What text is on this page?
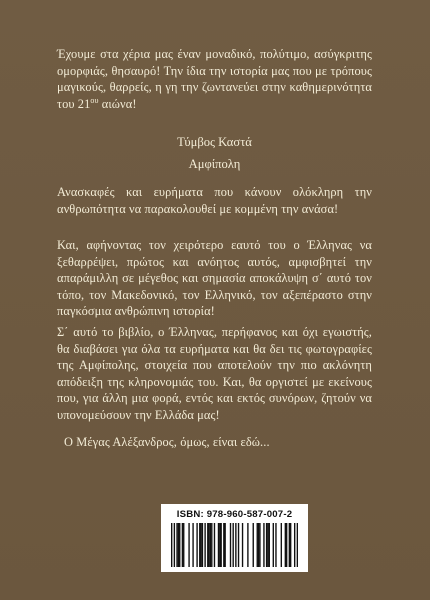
Έχουμε στα χέρια μας έναν μοναδικό, πολύτιμο, ασύγκριτης ομορφιάς, θησαυρό! Την ίδια την ιστορία μας που με τρόπους μαγικούς, θαρρείς, η γη την ζωντανεύει στην καθημερινότητα του $21^{o\upsilon}$ αιώνα!
Τύμβος Καστά
Αμφίπολη
Ανασκαφές και ευρήματα που κάνουν ολόκληρη την ανθρωπότητα να παρακολουθεί με κομμένη την ανάσα!
Και, αφήνοντας τον χειρότερο εαυτό του ο Έλληνας να ξεθαρρέψει, πρώτος και ανόητος αυτός, αμφισβητεί την απαράμιλλη σε μέγεθος και σημασία αποκάλυψη σ΄ αυτό τον τόπο, τον Μακεδονικό, τον Ελληνικό, τον αξεπέραστο στην παγκόσμια ανθρώπινη ιστορία!
Σ΄ αυτό το βιβλίο, ο Έλληνας, περήφανος και όχι εγωιστής, θα διαβάσει για όλα τα ευρήματα και θα δει τις φωτογραφίες της Αμφίπολης, στοιχεία που αποτελούν την πιο ακλόνητη απόδειξη της κληρονομιάς του. Και, θα οργιστεί με εκείνους που, για άλλη μια φορά, εντός και εκτός συνόρων, ζητούν να υπονομεύσουν την Ελλάδα μας!
Ο Μέγας Αλέξανδρος, όμως, είναι εδώ...
ISBN: 978-960-587-007-2
